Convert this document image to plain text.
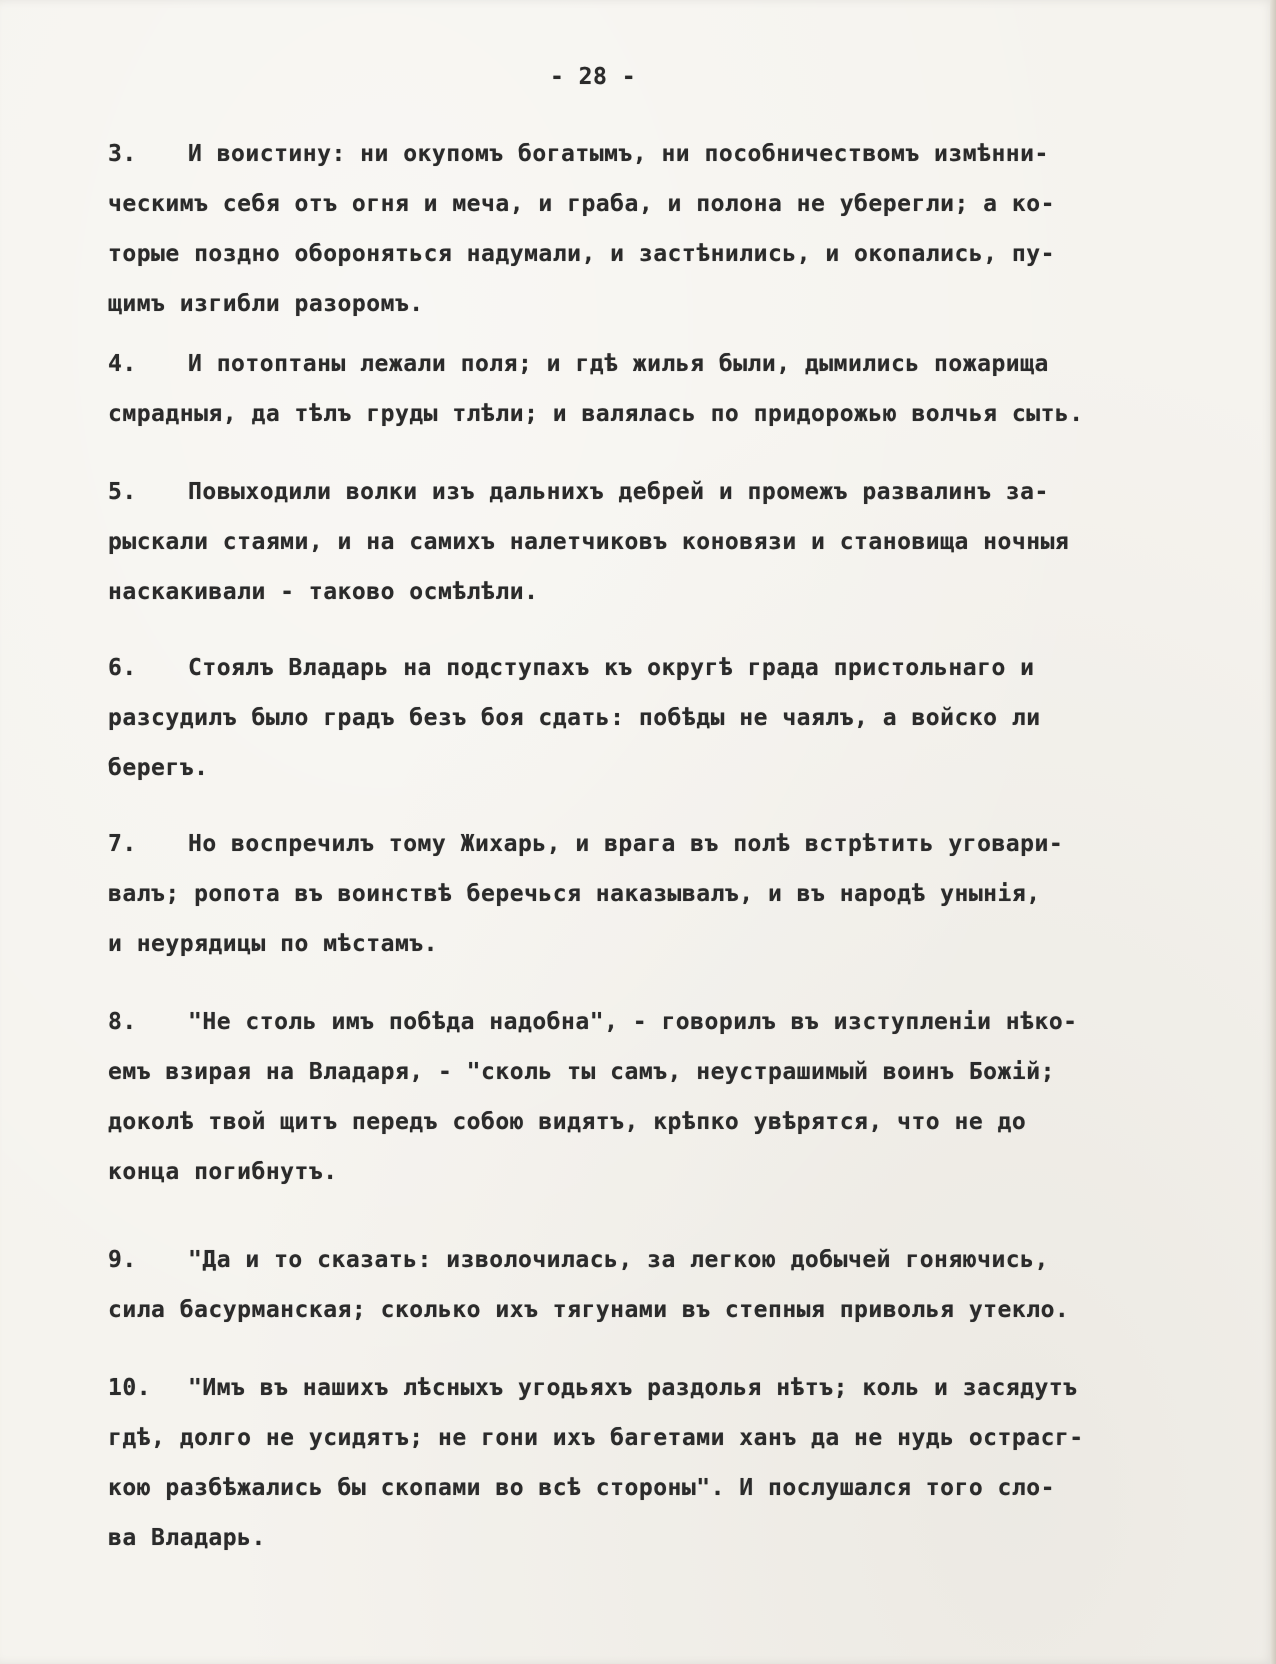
- 28 -
3. И воистину: ни окупомъ богатымъ, ни пособничествомъ измѣнни-
ческимъ себя отъ огня и меча, и граба, и полона не уберегли; а ко-
торые поздно обороняться надумали, и застѣнились, и окопались, пу-
щимъ изгибли разоромъ.
4. И потоптаны лежали поля; и гдѣ жилья были, дымились пожарища
смрадныя, да тѣлъ груды тлѣли; и валялась по придорожью волчья сыть.
5. Повыходили волки изъ дальнихъ дебрей и промежъ развалинъ за-
рыскали стаями, и на самихъ налетчиковъ коновязи и становища ночныя
наскакивали - таково осмѣлѣли.
6. Стоялъ Владарь на подступахъ къ округѣ града пристольнаго и
разсудилъ было градъ безъ боя сдать: побѣды не чаялъ, а войско ли
берегъ.
7. Но воспречилъ тому Жихарь, и врага въ полѣ встрѣтить уговари-
валъ; ропота въ воинствѣ беречься наказывалъ, и въ народѣ унынія,
и неурядицы по мѣстамъ.
8. "Не столь имъ побѣда надобна", - говорилъ въ изступленіи нѣко-
емъ взирая на Владаря, - "сколь ты самъ, неустрашимый воинъ Божій;
доколѣ твой щитъ передъ собою видятъ, крѣпко увѣрятся, что не до
конца погибнутъ.
9. "Да и то сказать: изволочилась, за легкою добычей гоняючись,
сила басурманская; сколько ихъ тягунами въ степныя приволья утекло.
10. "Имъ въ нашихъ лѣсныхъ угодьяхъ раздолья нѣтъ; коль и засядутъ
гдѣ, долго не усидятъ; не гони ихъ багетами ханъ да не нудь острасг-
кою разбѣжались бы скопами во всѣ стороны". И послушался того сло-
ва Владарь.
